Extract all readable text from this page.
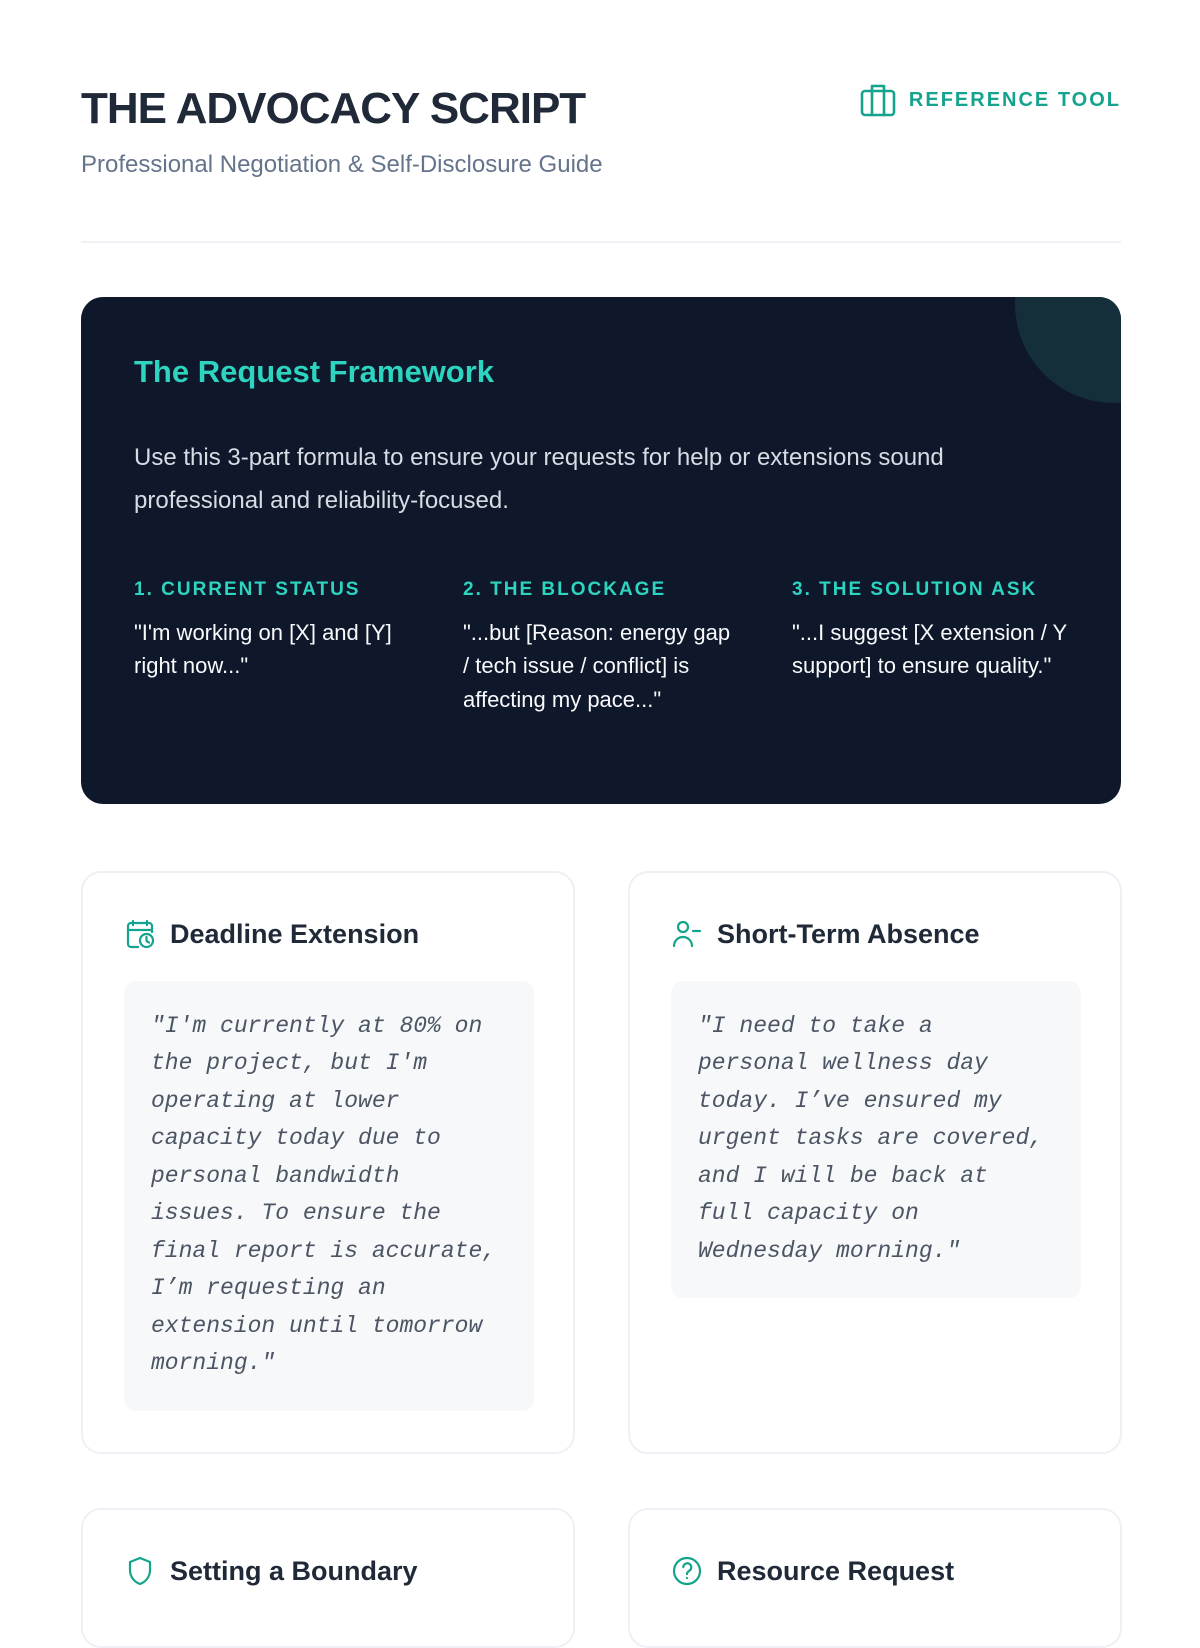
THE ADVOCACY SCRIPT

Professional Negotiation & Self-Disclosure Guide

REFERENCE TOOL
The Request Framework

Use this 3-part formula to ensure your requests for help or extensions sound professional and reliability-focused.

1. CURRENT STATUS

"I'm working on [X] and [Y] right now..."

2. THE BLOCKAGE

"...but [Reason: energy gap / tech issue / conflict] is affecting my pace..."

3. THE SOLUTION ASK

"...I suggest [X extension / Y support] to ensure quality."

Deadline Extension

"I'm currently at 80% on the project, but I'm operating at lower capacity today due to personal bandwidth issues. To ensure the final report is accurate, I’m requesting an extension until tomorrow morning."

Short-Term Absence

"I need to take a personal wellness day today. I’ve ensured my urgent tasks are covered, and I will be back at full capacity on Wednesday morning."

Setting a Boundary	Resource Request
